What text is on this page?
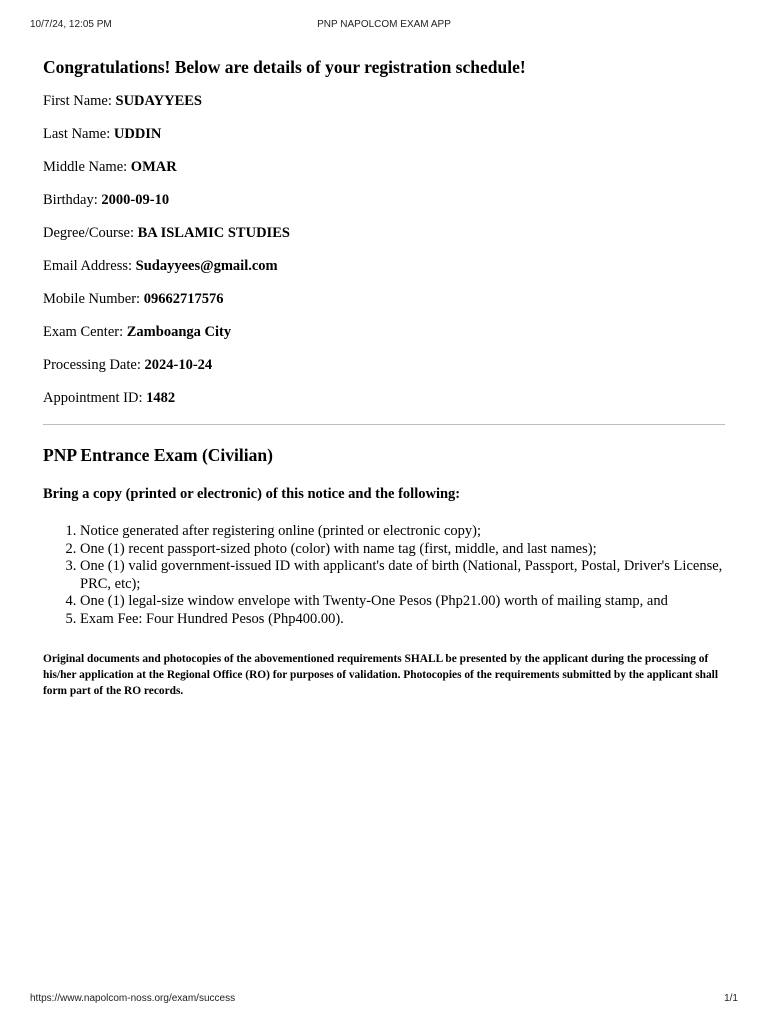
10/7/24, 12:05 PM	PNP NAPOLCOM EXAM APP
Congratulations! Below are details of your registration schedule!
First Name: SUDAYYEES
Last Name: UDDIN
Middle Name: OMAR
Birthday: 2000-09-10
Degree/Course: BA ISLAMIC STUDIES
Email Address: Sudayyees@gmail.com
Mobile Number: 09662717576
Exam Center: Zamboanga City
Processing Date: 2024-10-24
Appointment ID: 1482
PNP Entrance Exam (Civilian)

Bring a copy (printed or electronic) of this notice and the following:

1. Notice generated after registering online (printed or electronic copy);
2. One (1) recent passport-sized photo (color) with name tag (first, middle, and last names);
3. One (1) valid government-issued ID with applicant's date of birth (National, Passport, Postal, Driver's License, PRC, etc);
4. One (1) legal-size window envelope with Twenty-One Pesos (Php21.00) worth of mailing stamp, and
5. Exam Fee: Four Hundred Pesos (Php400.00).

Original documents and photocopies of the abovementioned requirements SHALL be presented by the applicant during the processing of his/her application at the Regional Office (RO) for purposes of validation. Photocopies of the requirements submitted by the applicant shall form part of the RO records.

https://www.napolcom-noss.org/exam/success	1/1
